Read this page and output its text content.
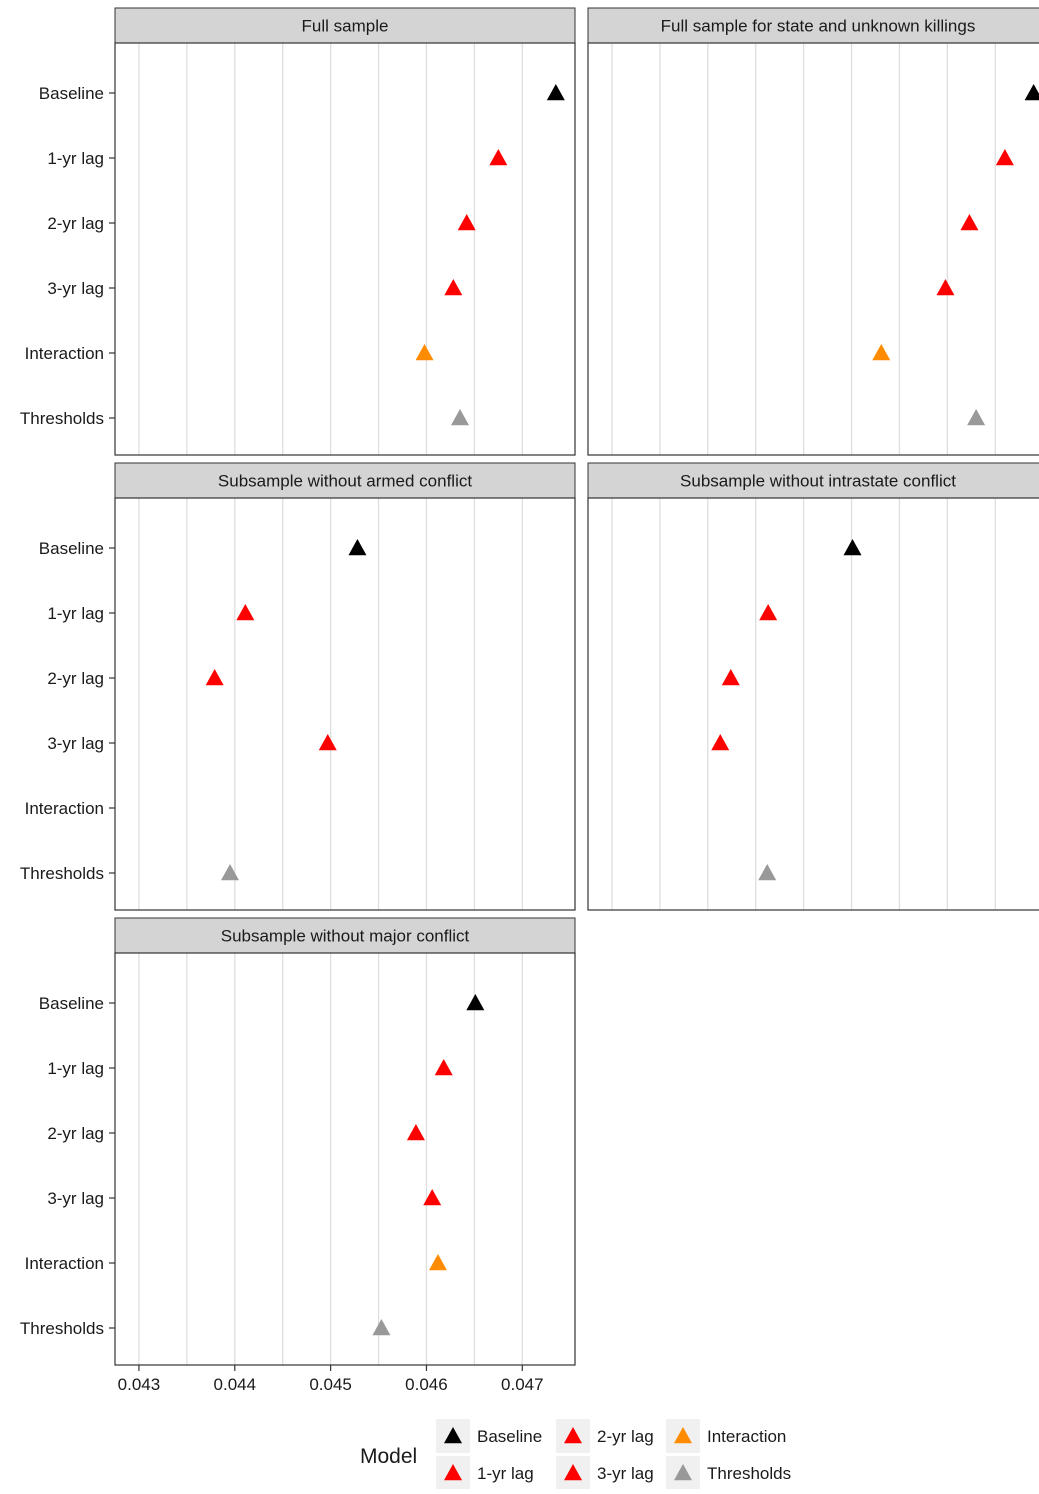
Full sample
Baseline
1-yr lag
2-yr lag
3-yr lag
Interaction
Thresholds
Full sample for state and unknown killings
Subsample without armed conflict
Baseline
1-yr lag
2-yr lag
3-yr lag
Interaction
Thresholds
Subsample without intrastate conflict
Subsample without major conflict
Baseline
1-yr lag
2-yr lag
3-yr lag
Interaction
Thresholds
0.043	0.044	0.045	0.046	0.047
Model
Baseline
1-yr lag
2-yr lag
3-yr lag
Interaction
Thresholds
